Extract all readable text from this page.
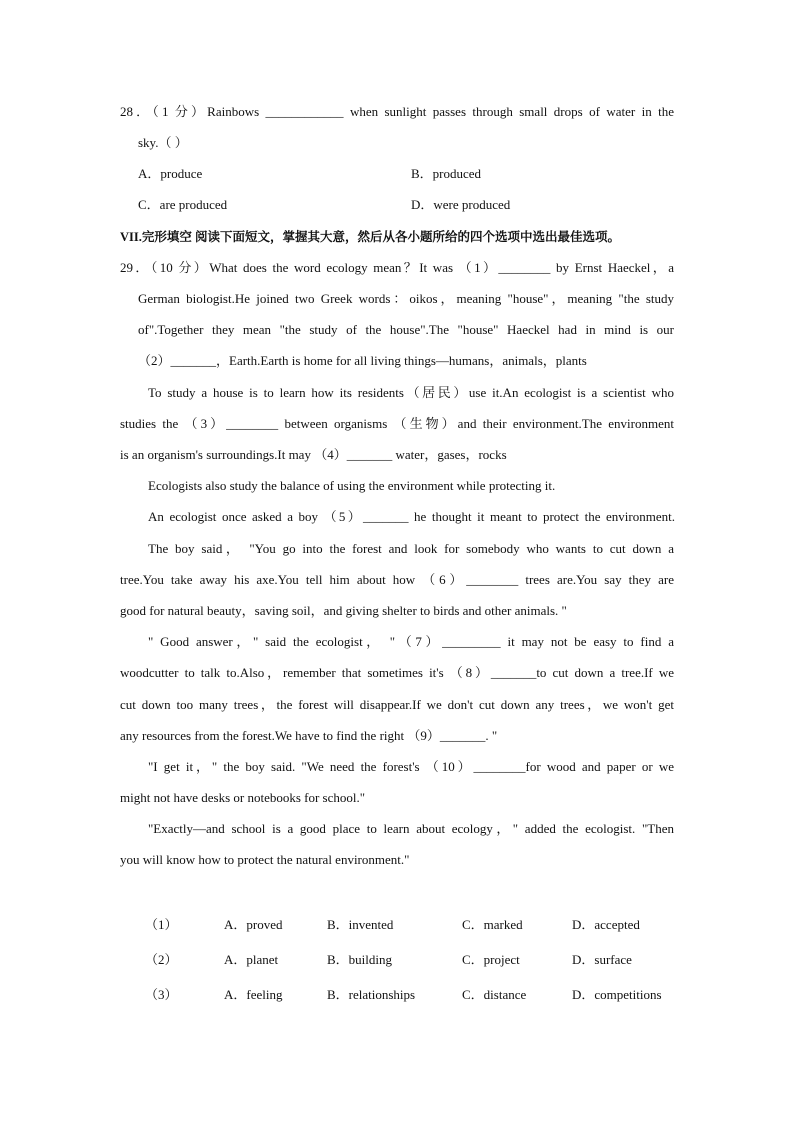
28．（1 分）Rainbows ____________ when sunlight passes through small drops of water in the
sky.（ ）
A．produce	B．produced
C．are produced	D．were produced
VII.完形填空 阅读下面短文，掌握其大意，然后从各小题所给的四个选项中选出最佳选项。
29．（10 分）What does the word ecology mean？It was （1）________ by Ernst Haeckel，a
German biologist.He joined two Greek words：oikos，meaning "house"，meaning "the study
of".Together they mean "the study of the house".The "house" Haeckel had in mind is our
（2）_______，Earth.Earth is home for all living things—humans，animals，plants
To study a house is to learn how its residents（居民）use it.An ecologist is a scientist who
studies the （3）________ between organisms （生物）and their environment.The environment
is an organism's surroundings.It may （4）_______ water，gases，rocks
Ecologists also study the balance of using the environment while protecting it.
An ecologist once asked a boy （5）_______ he thought it meant to protect the environment.
The boy said， "You go into the forest and look for somebody who wants to cut down a
tree.You take away his axe.You tell him about how （6）________ trees are.You say they are
good for natural beauty，saving soil，and giving shelter to birds and other animals. "
" Good answer，" said the ecologist， "（7）_________ it may not be easy to find a
woodcutter to talk to.Also，remember that sometimes it's （8）_______to cut down a tree.If we
cut down too many trees，the forest will disappear.If we don't cut down any trees，we won't get
any resources from the forest.We have to find the right （9）_______. "
"I get it，" the boy said. "We need the forest's （10）________for wood and paper or we
might not have desks or notebooks for school."
"Exactly—and school is a good place to learn about ecology，" added the ecologist. "Then
you will know how to protect the natural environment."
（1）	A．proved	B．invented	C．marked	D．accepted
（2）	A．planet	B．building	C．project	D．surface
（3）	A．feeling	B．relationships	C．distance	D．competitions
